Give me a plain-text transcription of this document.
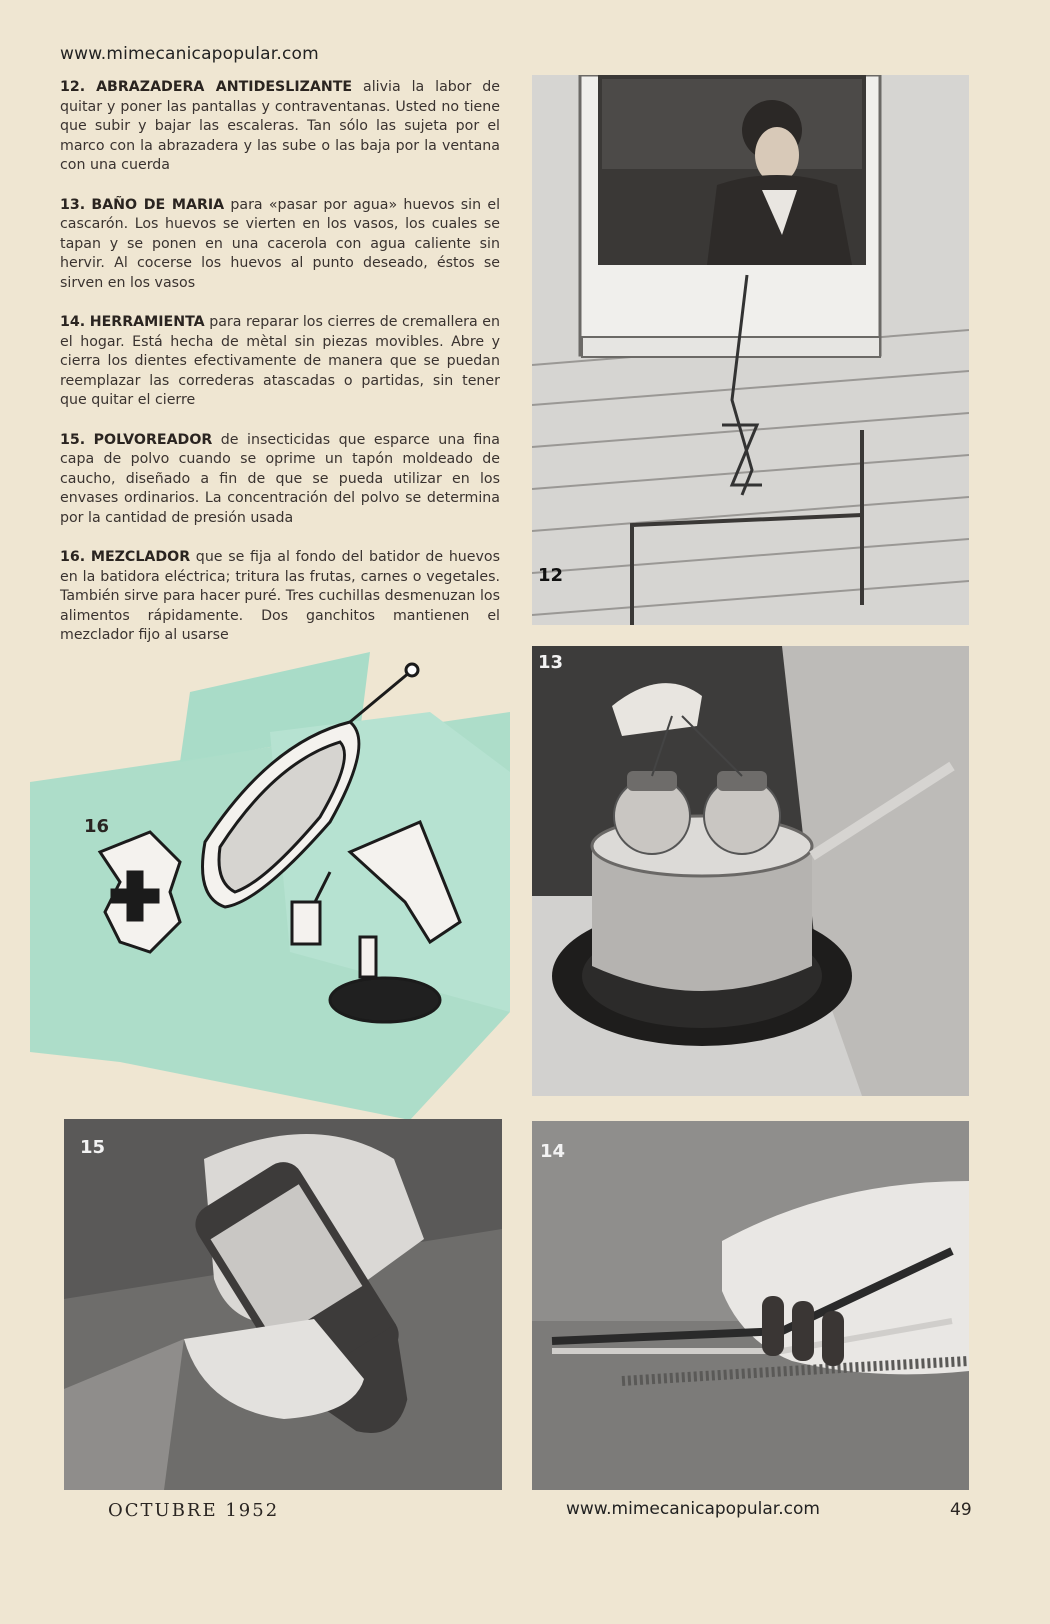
www.mimecanicapopular.com

12. ABRAZADERA ANTIDESLIZANTE alivia la labor de quitar y poner las pantallas y contraventanas. Usted no tiene que subir y bajar las escaleras. Tan sólo las sujeta por el marco con la abrazadera y las sube o las baja por la ventana con una cuerda

13. BAÑO DE MARIA para «pasar por agua» huevos sin el cascarón. Los huevos se vierten en los vasos, los cuales se tapan y se ponen en una cacerola con agua caliente sin hervir. Al cocerse los huevos al punto deseado, éstos se sirven en los vasos

14. HERRAMIENTA para reparar los cierres de cremallera en el hogar. Está hecha de mètal sin piezas movibles. Abre y cierra los dientes efectivamente de manera que se puedan reemplazar las correderas atascadas o partidas, sin tener que quitar el cierre

15. POLVOREADOR de insecticidas que esparce una fina capa de polvo cuando se oprime un tapón moldeado de caucho, diseñado a fin de que se pueda utilizar en los envases ordinarios. La concentración del polvo se determina por la cantidad de presión usada

16. MEZCLADOR que se fija al fondo del batidor de huevos en la batidora eléctrica; tritura las frutas, carnes o vegetales. También sirve para hacer puré. Tres cuchillas desmenuzan los alimentos rápidamente. Dos ganchitos mantienen el mezclador fijo al usarse

12
13
16
15	14
OCTUBRE 1952	www.mimecanicapopular.com	49
